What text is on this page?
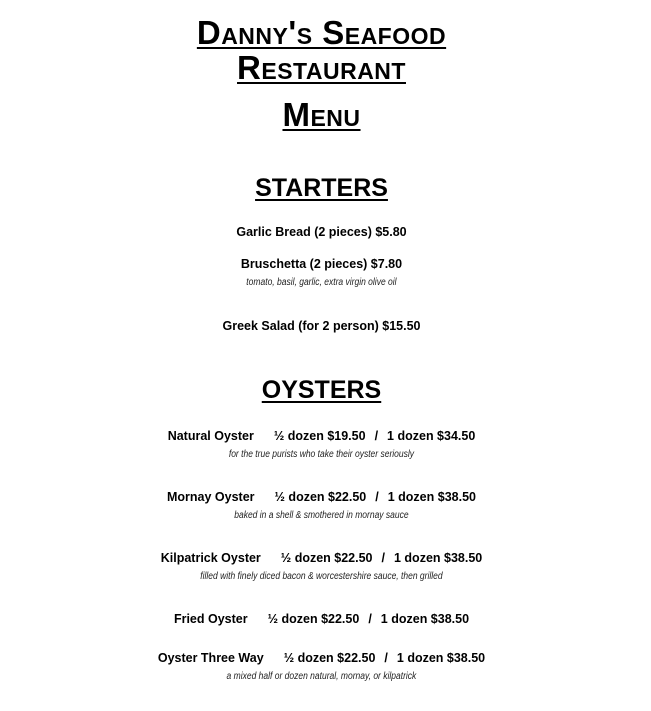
Danny's Seafood
Restaurant
Menu
STARTERS
Garlic Bread (2 pieces) $5.80
Bruschetta (2 pieces) $7.80
tomato, basil, garlic, extra virgin olive oil
Greek Salad (for 2 person) $15.50
OYSTERS
Natural Oyster ½ dozen $19.50 / 1 dozen $34.50
for the true purists who take their oyster seriously
Mornay Oyster ½ dozen $22.50 / 1 dozen $38.50
baked in a shell & smothered in mornay sauce
Kilpatrick Oyster ½ dozen $22.50 / 1 dozen $38.50
filled with finely diced bacon & worcestershire sauce, then grilled
Fried Oyster ½ dozen $22.50 / 1 dozen $38.50
Oyster Three Way ½ dozen $22.50 / 1 dozen $38.50
a mixed half or dozen natural, mornay, or kilpatrick
